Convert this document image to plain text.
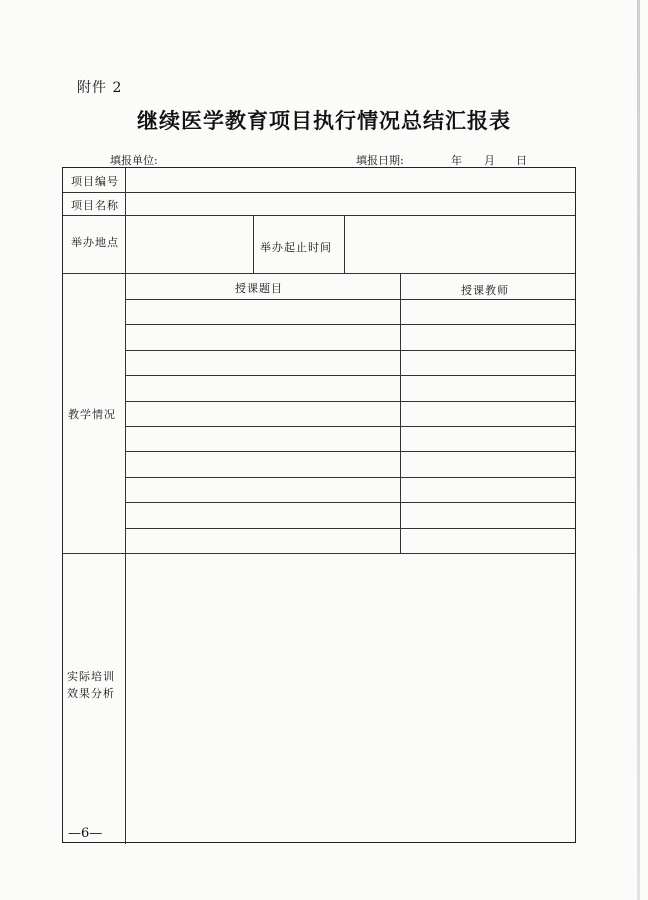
附件 2
继续医学教育项目执行情况总结汇报表
填报单位:	填报日期:	年 月 日
项目编号
项目名称
举办地点	举办起止时间
授课题目	授课教师
教学情况
实际培训
效果分析
—6—
